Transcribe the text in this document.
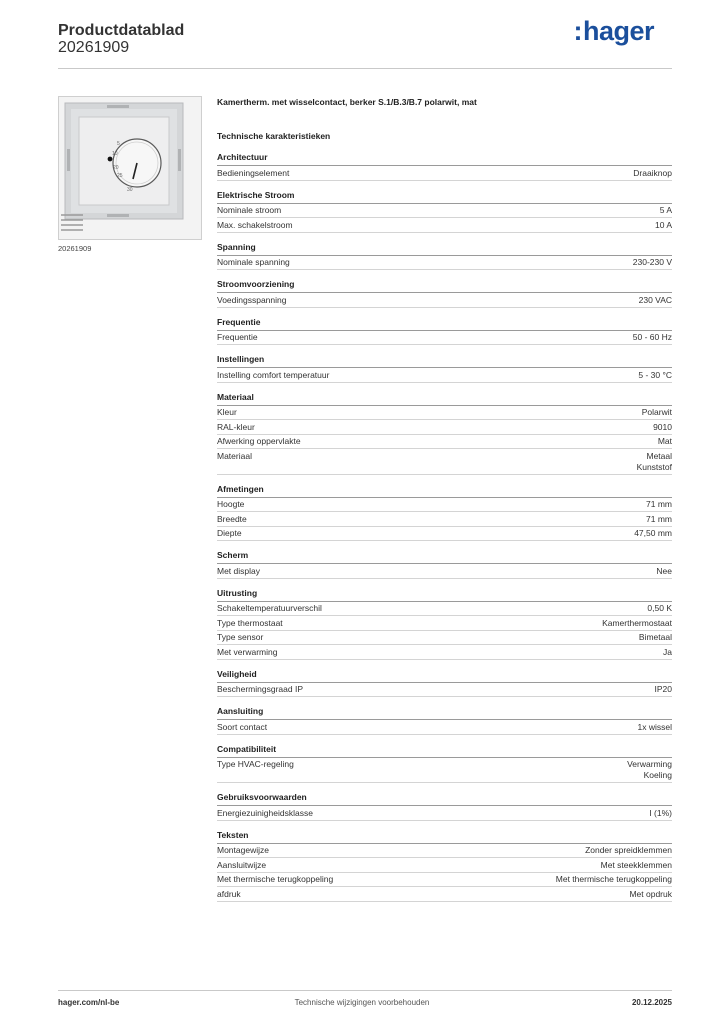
Productdatablad
20261909
:hager
5
10
20
25
30
20261909
Kamertherm. met wisselcontact, berker S.1/B.3/B.7 polarwit, mat
Technische karakteristieken
Architectuur
Bedieningselement	Draaiknop
Elektrische Stroom
Nominale stroom	5 A
Max. schakelstroom	10 A
Spanning
Nominale spanning	230-230 V
Stroomvoorziening
Voedingsspanning	230 VAC
Frequentie
Frequentie	50 - 60 Hz
Instellingen
Instelling comfort temperatuur	5 - 30 °C
Materiaal
Kleur	Polarwit
RAL-kleur	9010
Afwerking oppervlakte	Mat
Materiaal	Metaal
Kunststof
Afmetingen
Hoogte	71 mm
Breedte	71 mm
Diepte	47,50 mm
Scherm
Met display	Nee
Uitrusting
Schakeltemperatuurverschil	0,50 K
Type thermostaat	Kamerthermostaat
Type sensor	Bimetaal
Met verwarming	Ja
Veiligheid
Beschermingsgraad IP	IP20
Aansluiting
Soort contact	1x wissel
Compatibiliteit
Type HVAC-regeling	Verwarming
Koeling
Gebruiksvoorwaarden
Energiezuinigheidsklasse	I (1%)
Teksten
Montagewijze	Zonder spreidklemmen
Aansluitwijze	Met steekklemmen
Met thermische terugkoppeling	Met thermische terugkoppeling
afdruk	Met opdruk
hager.com/nl-be	Technische wijzigingen voorbehouden	20.12.2025
